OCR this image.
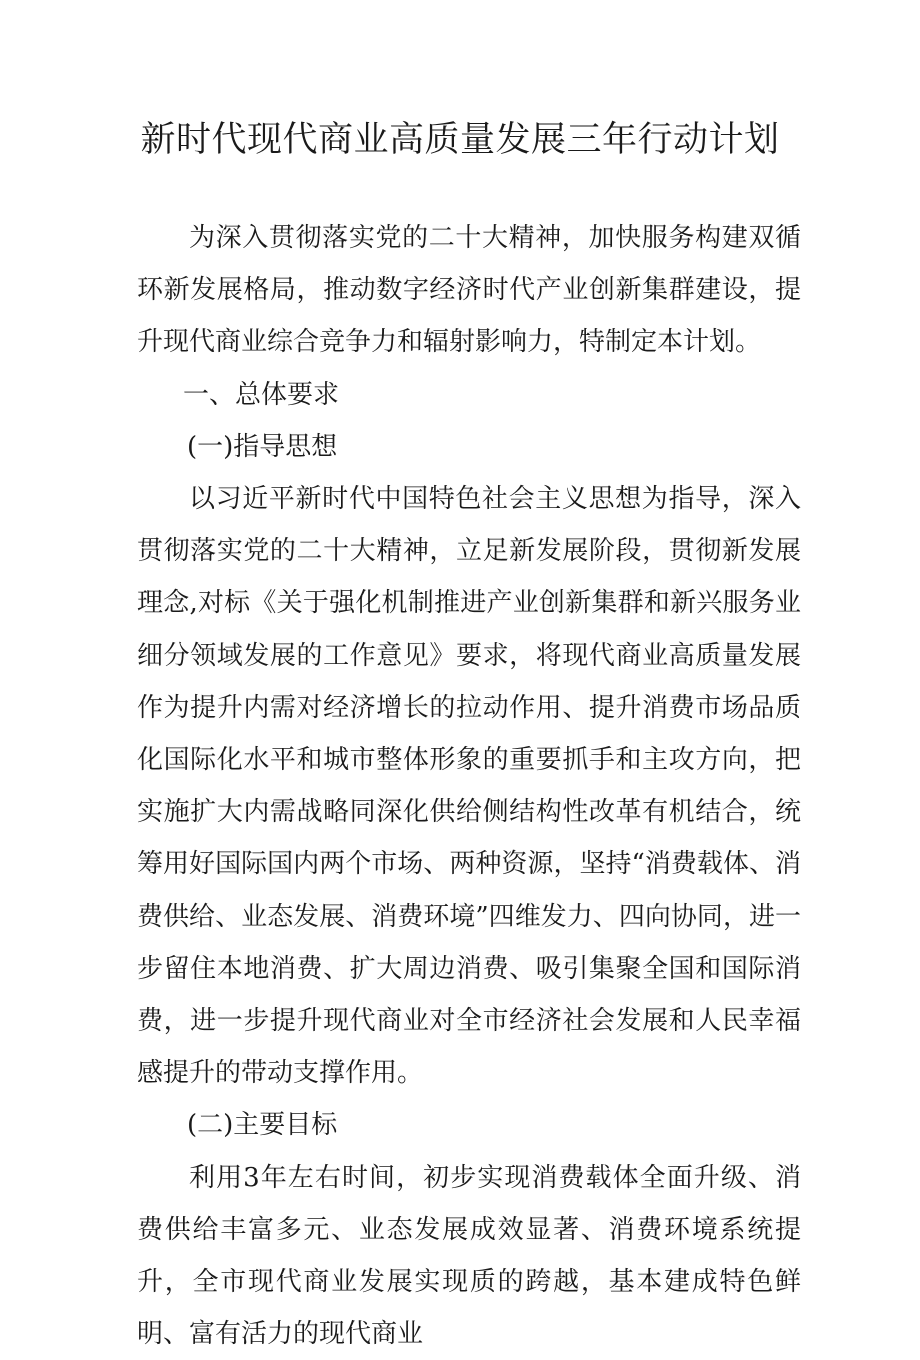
新时代现代商业高质量发展三年行动计划

为深入贯彻落实党的二十大精神，加快服务构建双循环新发展格局，推动数字经济时代产业创新集群建设，提升现代商业综合竞争力和辐射影响力，特制定本计划。

一、总体要求

(一)指导思想

以习近平新时代中国特色社会主义思想为指导，深入贯彻落实党的二十大精神，立足新发展阶段，贯彻新发展理念,对标《关于强化机制推进产业创新集群和新兴服务业细分领域发展的工作意见》要求，将现代商业高质量发展作为提升内需对经济增长的拉动作用、提升消费市场品质化国际化水平和城市整体形象的重要抓手和主攻方向，把实施扩大内需战略同深化供给侧结构性改革有机结合，统筹用好国际国内两个市场、两种资源，坚持“消费载体、消费供给、业态发展、消费环境”四维发力、四向协同，进一步留住本地消费、扩大周边消费、吸引集聚全国和国际消费，进一步提升现代商业对全市经济社会发展和人民幸福感提升的带动支撑作用。

(二)主要目标

利用3年左右时间，初步实现消费载体全面升级、消费供给丰富多元、业态发展成效显著、消费环境系统提升，全市现代商业发展实现质的跨越，基本建成特色鲜明、富有活力的现代商业
